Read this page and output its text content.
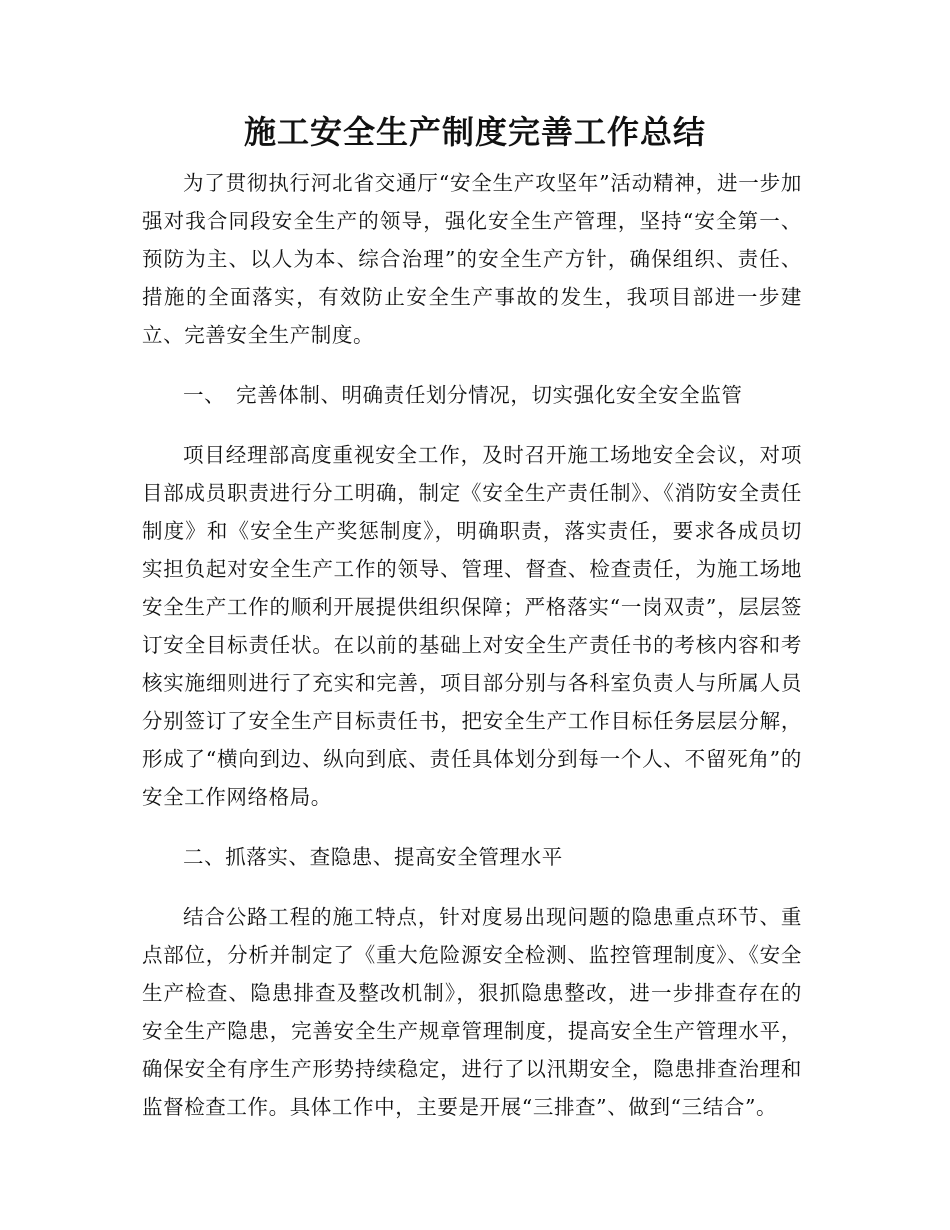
施工安全生产制度完善工作总结

为了贯彻执行河北省交通厅“安全生产攻坚年”活动精神，进一步加强对我合同段安全生产的领导，强化安全生产管理，坚持“安全第一、预防为主、以人为本、综合治理”的安全生产方针，确保组织、责任、措施的全面落实，有效防止安全生产事故的发生，我项目部进一步建立、完善安全生产制度。

一、　完善体制、明确责任划分情况，切实强化安全安全监管

项目经理部高度重视安全工作，及时召开施工场地安全会议，对项目部成员职责进行分工明确，制定《安全生产责任制》、《消防安全责任制度》和《安全生产奖惩制度》，明确职责，落实责任，要求各成员切实担负起对安全生产工作的领导、管理、督查、检查责任，为施工场地安全生产工作的顺利开展提供组织保障；严格落实“一岗双责”，层层签订安全目标责任状。在以前的基础上对安全生产责任书的考核内容和考核实施细则进行了充实和完善，项目部分别与各科室负责人与所属人员分别签订了安全生产目标责任书，把安全生产工作目标任务层层分解，形成了“横向到边、纵向到底、责任具体划分到每一个人、不留死角”的安全工作网络格局。

二、抓落实、查隐患、提高安全管理水平

结合公路工程的施工特点，针对度易出现问题的隐患重点环节、重点部位，分析并制定了《重大危险源安全检测、监控管理制度》、《安全生产检查、隐患排查及整改机制》，狠抓隐患整改，进一步排查存在的安全生产隐患，完善安全生产规章管理制度，提高安全生产管理水平，确保安全有序生产形势持续稳定，进行了以汛期安全，隐患排查治理和监督检查工作。具体工作中，主要是开展“三排查”、做到“三结合”。
